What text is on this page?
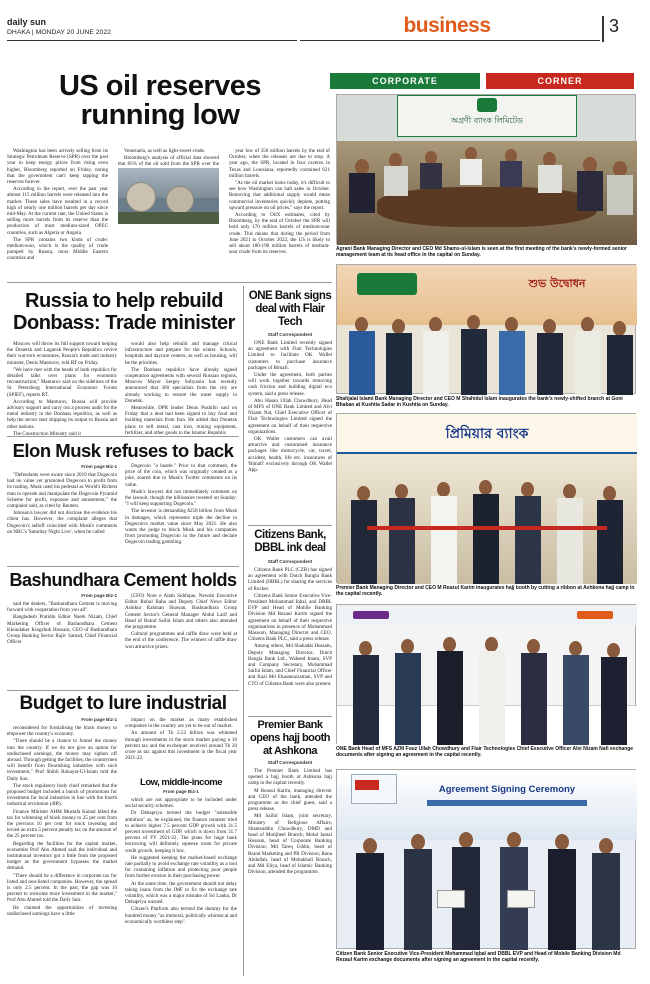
daily sun
DHAKA | MONDAY 20 JUNE 2022	business	3
CORPORATE	CORNER
US oil reserves running low

Washington has been actively selling from its Strategic Petroleum Reserve (SPR) over the past year to keep energy prices from rising even higher, Bloomberg reported on Friday, noting that the government can't keep tapping the reserves forever.

According to the report, over the past year almost 115 million barrels were released into the market. These sales have resulted in a record high of nearly one million barrels per day since mid-May. At the current rate, the United States is selling more barrels from its reserve than the production of most medium-sized OPEC countries, such as Algeria or Angola.

The SPR contains two kinds of crude: medium-sour, which is the quality of crude pumped by Russia, most Middle Eastern countries and

Venezuela, as well as light-sweet crude.

Bloomberg's analysis of official data showed that 85% of the oil sold from the SPR over the

year low of 358 million barrels by the end of October, when the releases are due to stop. A year ago, the SPR, located in four caverns in Texas and Louisiana, reportedly contained 621 million barrels.

"As the oil market looks today, it's difficult to see how Washington can halt sales in October. Removing that additional supply would mean commercial inventories quickly deplete, putting upward pressure on oil prices," says the report.

According to OilX estimates, cited by Bloomberg, by the end of October the SPR will hold only 170 million barrels of medium-sour crude. This means that during the period from June 2021 to October 2022, the US is likely to sell about 180-190 million barrels of medium-sour crude from its reserves.

Russia to help rebuild Donbass: Trade minister

Moscow will throw its full support toward helping the Donetsk and Lugansk People's Republics revive their war-torn economies, Russia's trade and industry minister, Denis Manturov, told RT on Friday.

"We have met with the heads of both republics for detailed talks over plans for economic reconstruction," Manturov said on the sidelines of the St. Petersburg International Economic Forum (SPIEF), reports RT.

According to Manturov, Russia will provide advisory support and carry out a process audit for the metal industry in the Donbass republics, as well as help the sector start shipping its output to Russia and other nations.

The Construction Ministry said it

would also help rebuild and manage critical infrastructure and prepare for the winter. Schools, hospitals and daycare centers, as well as housing, will be the priorities.

The Donbass republics have already signed cooperation agreements with several Russian regions, Moscow Mayor Sergey Sobyanin has recently announced that 300 specialists from the city are already working to restore the water supply in Donetsk.

Meanwhile, DPR leader Denis Pushilin said on Friday that a deal had been signed to buy food and building materials from Iran. He added that Donetsk plans to sell metal, cast iron, mining equipment, fertilizer, and other goods to the Islamic Republic.

Elon Musk refuses to back
From page Biz-1

"Defendants were aware since 2019 that Dogecoin had no value yet promoted Dogecoin to profit from its trading. Musk used his pedestal as World's Richest man to operate and manipulate the Dogecoin Pyramid Scheme for profit, exposure and amusement," the complaint said, as cited by Reuters.

Johnson's lawyer did not disclose the evidence his client has. However, the complaint alleges that Dogecoin's selloff coincided with Musk's comments on NBC's 'Saturday Night Live', when he called

Dogecoin "a hustle." Prior to that comment, the price of the coin, which was originally created as a joke, soared due to Musk's Twitter comments on its value.

Musk's lawyers did not immediately comment on the lawsuit, though the billionaire tweeted on Sunday: "I will keep supporting Dogecoin."

The investor is demanding $258 billion from Musk in damages, which represents triple the decline in Dogecoin's market value since May 2021. He also wants the judge to block Musk and his companies from promoting Dogecoin in the future and declare Dogecoin trading gambling.

Bashundhara Cement holds
From page Biz-1

said the dealers, "Bashundhara Cement is moving forward with cooperation from you all".

Bangladesh Pratidin Editor Naem Nizam, Chief Marketing Officer of Bashundhara Cement Khondaker Kingshuk Hossain, CEO of Bashundhara Group Banking Sector Rajiv Samad, Chief Financial Officer

(CFO) Noor e Alam Siddique, Newsbi Executive Editor Ruhul Baba and Deputy Chief News Editor Ashikur Rahman Shawan, Bashundhara Group Cement Sector's General Manager Abdul Latif and Head of Brand Saiful Islam and others also attended the programme.

Cultural programmes and raffle draw were held at the end of the conference. The winners of raffle draw won attractive prizes.

Budget to lure industrial
From page Biz-1

reconsidered for formalising the black money to empower the country's economy.

"There should be a chance to funnel the money into the country. If we do not give an option for undisclosed earnings, the money may siphon off abroad. Through getting the facilities, the countrymen will benefit from flourishing industries with such investment," Prof Shibli Rubayat-Ul-Islam told the Daily Sun.

The stock regulatory body chief remarked that the proposed budget included a bunch of promotions for investment for local industries in line with the fourth industrial revolution (4IR).

Finance Minister AHM Mustafa Kamal hiked the tax for whitening of black money to 25 per cent from the previous 10 per cent for stock investing and levied an extra 5 percent penalty tax on the amount of the 25 percent tax.

Regarding the facilities for the capital market, economist Prof Abu Ahmed said the individual and institutional investors got a little from the proposed budget as the government bypasses the market demand.

"There should be a difference in corporate tax for listed and non-listed companies. However, the spread is only 2.5 percent. In the past, the gap was 10 percent to welcome more investment in the market," Prof Abu Ahmed told the Daily Sun.

He claimed the opportunities of investing undisclosed earnings have a little

impact on the market as many established companies in the country are yet to be out of market.

An amount of Tk 2.52 billion was whitened through investments in the stock market paying a 10 percent tax and the exchequer received around Tk 20 crore as tax against this investment in the fiscal year 2021-22.

Low, middle-income
From page Biz-1

which are not appropriate to be included under social security schemes.

Dr Debapriya termed the budget "ostensible ambition" as, he explained, the finance minister tried to achieve higher 7.5 percent GDP growth with 31.5 percent investment of GDP, which is down from 31.7 percent of FY 2021-22. The plans for huge bank borrowing will definitely squeeze room for private credit growth, keeping it low.

He suggested keeping the market-based exchange rate partially to avoid exchange rate volatility as a tool for containing inflation and protecting poor people from further erosion in their purchasing power.

At the same time, the government should not delay taking loans from the IMF to fix the exchange rate volatility, which was a major mistake of Sri Lanka, Dr Debapriya warned.

Citizen's Platform also termed the dummy for the hundred money "as immoral, politically whimsical and economically worthless step".

ONE Bank signs deal with Flair Tech
Staff Correspondent

ONE Bank Limited recently signed an agreement with Flair Technologies Limited to facilitate OK Wallet customers to purchase insurance packages of Bimafi.

Under the agreement, both parties will work together towards removing cash friction and building digital eco system, said a press release.

Abu Hasan Ullah Chowdhury, Head of MFS of ONE Bank Limited and Alvi Nizam Nat, Chief Executive Officer of Flair Technologies Limited signed the agreement on behalf of their respective organizations.

OK Wallet customers can avail attractive and customised insurance packages like motorcycle, car, travel, accident, health, life etc. insurances of 'Bimafi' exclusively through OK Wallet App.

Citizens Bank, DBBL ink deal
Staff Correspondent

Citizens Bank PLC (CZB) has signed an agreement with Dutch Bangla Bank Limited (DBBL) for sharing the services of Rocket.

Citizens Bank Senior Executive Vice-President Mohammad Iqbal, and DBBL EVP and Head of Mobile Banking Division Md Rezaul Karim signed the agreement on behalf of their respective organisations in presence of Mohammad Masoom, Managing Director and CEO, Citizens Bank PLC, said a press release.

Among others, Md Shahadat Hossain, Deputy Managing Director, Dutch Bangla Bank Ltd., Waheed Imam, SVP and Company Secretary, Mohammad Saiful Islam, and Chief Financial Officer and Kazi Md Ehasanuzzaman, SVP and CTO of Citizens Bank were also present.

Premier Bank opens hajj booth at Ashkona
Staff Correspondent

The Premier Bank Limited has opened a hajj booth at Ashkona hajj camp in the capital recently.

M Reazul Karim, managing director and CEO of the bank, attended the programme as the chief guest, said a press release.

Md Saiful Islam, joint secretary, Ministry of Religious Affairs; Shamsuddin Chowdhury, DMD and head of Motijheel Branch; Mohd Jamal Hossain, head of Corporate Banking Division; Md Tareq Uddin, head of Brand Marketing and PR Division; Rana Abdullah, head of Mohakhali Branch, and Md Eliya, head of Islamic Banking Division, attended the programme.

অগ্রণী ব্যাংক লিমিটেড
Agrani Bank Managing Director and CEO Md Shams-ul-Islam is seen at the first meeting of the bank's newly-formed senior management team at its head office in the capital on Sunday.
শুভ উদ্বোধন
Shahjalal Islami Bank Managing Director and CEO M Shahidul Islam inaugurates the bank's newly-shifted branch at Goni Bhaban at Kushtia Sadar in Kushtia on Sunday.
প্রিমিয়ার ব্যাংক
Premier Bank Managing Director and CEO M Reazul Karim inaugurates hajj booth by cutting a ribbon at Ashkona hajj camp in the capital recently.
ONE Bank Head of MFS AZM Fouz Ullah Chowdhury and Flair Technologies Chief Executive Officer Alvi Nizam Nafi exchange documents after signing an agreement in the capital recently.
Agreement Signing Ceremony
Citizen Bank Senior Executive Vice-President Mohammad Iqbal and DBBL EVP and Head of Mobile Banking Division Md Rezaul Karim exchange documents after signing an agreement in the capital recently.
